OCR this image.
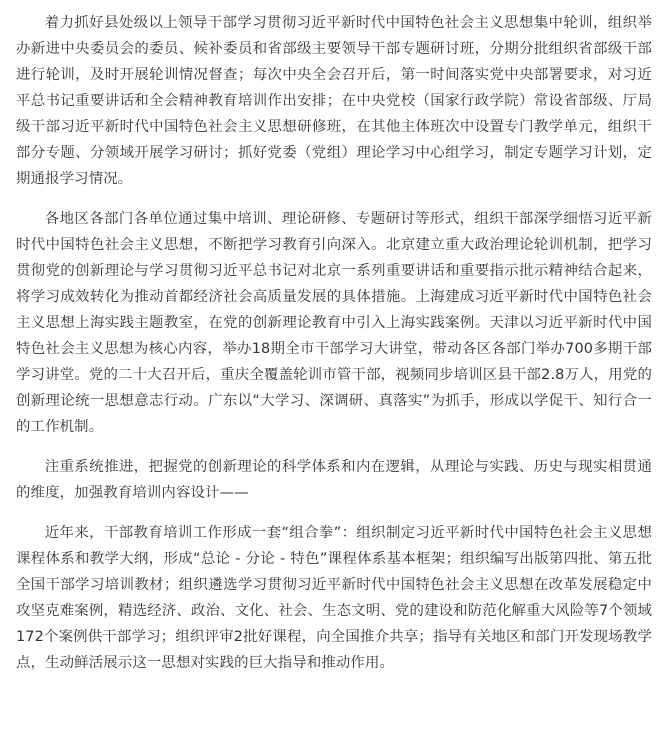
着力抓好县处级以上领导干部学习贯彻习近平新时代中国特色社会主义思想集中轮训，组织举办新进中央委员会的委员、候补委员和省部级主要领导干部专题研讨班，分期分批组织省部级干部进行轮训，及时开展轮训情况督查；每次中央全会召开后，第一时间落实党中央部署要求，对习近平总书记重要讲话和全会精神教育培训作出安排；在中央党校（国家行政学院）常设省部级、厅局级干部习近平新时代中国特色社会主义思想研修班，在其他主体班次中设置专门教学单元，组织干部分专题、分领域开展学习研讨；抓好党委（党组）理论学习中心组学习，制定专题学习计划，定期通报学习情况。

各地区各部门各单位通过集中培训、理论研修、专题研讨等形式，组织干部深学细悟习近平新时代中国特色社会主义思想，不断把学习教育引向深入。北京建立重大政治理论轮训机制，把学习贯彻党的创新理论与学习贯彻习近平总书记对北京一系列重要讲话和重要指示批示精神结合起来，将学习成效转化为推动首都经济社会高质量发展的具体措施。上海建成习近平新时代中国特色社会主义思想上海实践主题教室，在党的创新理论教育中引入上海实践案例。天津以习近平新时代中国特色社会主义思想为核心内容，举办18期全市干部学习大讲堂，带动各区各部门举办700多期干部学习讲堂。党的二十大召开后，重庆全覆盖轮训市管干部，视频同步培训区县干部2.8万人，用党的创新理论统一思想意志行动。广东以“大学习、深调研、真落实”为抓手，形成以学促干、知行合一的工作机制。

注重系统推进，把握党的创新理论的科学体系和内在逻辑，从理论与实践、历史与现实相贯通的维度，加强教育培训内容设计——

近年来，干部教育培训工作形成一套“组合拳”：组织制定习近平新时代中国特色社会主义思想课程体系和教学大纲，形成“总论 - 分论 - 特色”课程体系基本框架；组织编写出版第四批、第五批全国干部学习培训教材；组织遴选学习贯彻习近平新时代中国特色社会主义思想在改革发展稳定中攻坚克难案例，精选经济、政治、文化、社会、生态文明、党的建设和防范化解重大风险等7个领域172个案例供干部学习；组织评审2批好课程，向全国推介共享；指导有关地区和部门开发现场教学点，生动鲜活展示这一思想对实践的巨大指导和推动作用。
